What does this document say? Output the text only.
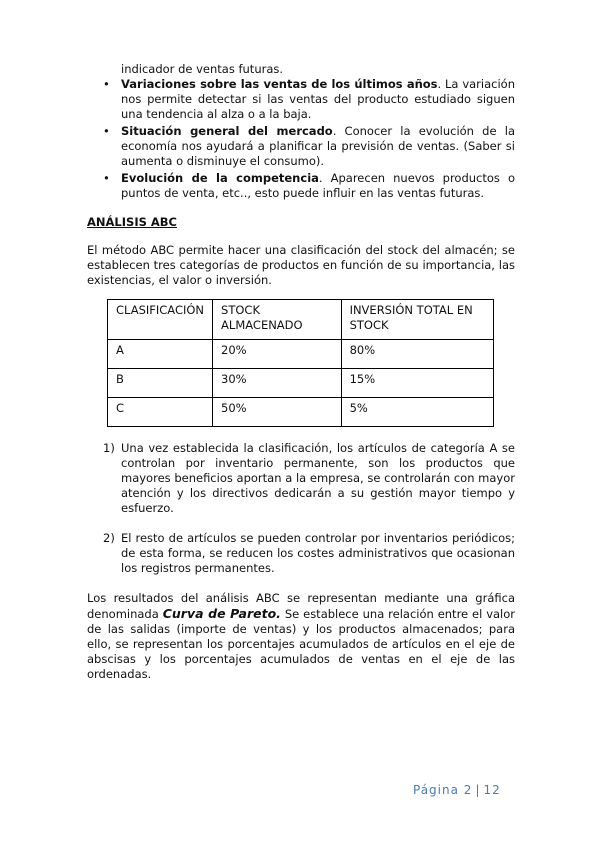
indicador de ventas futuras.

• Variaciones sobre las ventas de los últimos años. La variación nos permite detectar si las ventas del producto estudiado siguen una tendencia al alza o a la baja.
• Situación general del mercado. Conocer la evolución de la economía nos ayudará a planificar la previsión de ventas. (Saber si aumenta o disminuye el consumo).
• Evolución de la competencia. Aparecen nuevos productos o puntos de venta, etc.., esto puede influir en las ventas futuras.

ANÁLISIS ABC

El método ABC permite hacer una clasificación del stock del almacén; se establecen tres categorías de productos en función de su importancia, las existencias, el valor o inversión.

CLASIFICACIÓN	STOCK ALMACENADO	INVERSIÓN TOTAL EN STOCK
A	20%	80%
B	30%	15%
C	50%	5%
1) Una vez establecida la clasificación, los artículos de categoría A se controlan por inventario permanente, son los productos que mayores beneficios aportan a la empresa, se controlarán con mayor atención y los directivos dedicarán a su gestión mayor tiempo y esfuerzo.
2) El resto de artículos se pueden controlar por inventarios periódicos; de esta forma, se reducen los costes administrativos que ocasionan los registros permanentes.

Los resultados del análisis ABC se representan mediante una gráfica denominada Curva de Pareto. Se establece una relación entre el valor de las salidas (importe de ventas) y los productos almacenados; para ello, se representan los porcentajes acumulados de artículos en el eje de abscisas y los porcentajes acumulados de ventas en el eje de las ordenadas.

Página 2 | 12
